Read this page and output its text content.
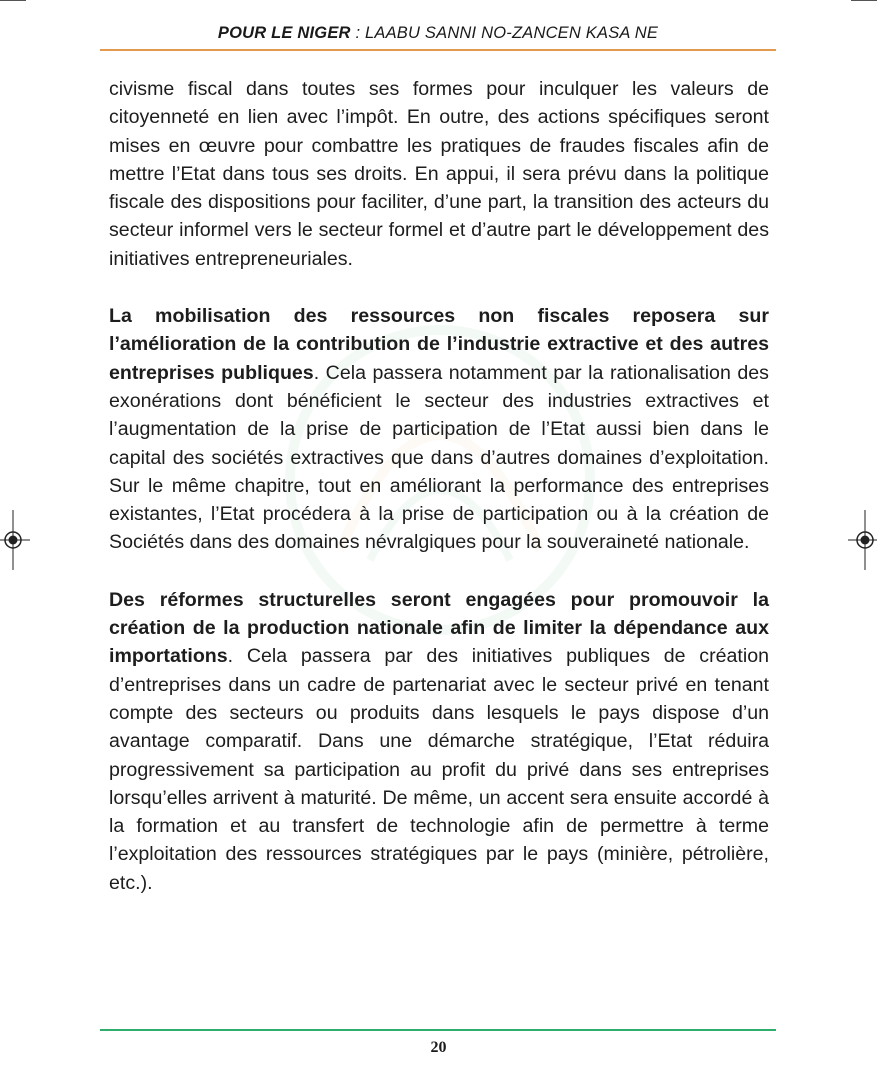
POUR LE NIGER : LAABU SANNI NO-ZANCEN KASA NE

civisme fiscal dans toutes ses formes pour inculquer les valeurs de citoyenneté en lien avec l’impôt. En outre, des actions spécifiques seront mises en œuvre pour combattre les pratiques de fraudes fiscales afin de mettre l’Etat dans tous ses droits. En appui, il sera prévu dans la politique fiscale des dispositions pour faciliter, d’une part, la transition des acteurs du secteur informel vers le secteur formel et d’autre part le développement des initiatives entrepreneuriales.

La mobilisation des ressources non fiscales reposera sur l’amélioration de la contribution de l’industrie extractive et des autres entreprises publiques. Cela passera notamment par la rationalisation des exonérations dont bénéficient le secteur des industries extractives et l’augmentation de la prise de participation de l’Etat aussi bien dans le capital des sociétés extractives que dans d’autres domaines d’exploitation. Sur le même chapitre, tout en améliorant la performance des entreprises existantes, l’Etat procédera à la prise de participation ou à la création de Sociétés dans des domaines névralgiques pour la souveraineté nationale.

Des réformes structurelles seront engagées pour promouvoir la création de la production nationale afin de limiter la dépendance aux importations. Cela passera par des initiatives publiques de création d’entreprises dans un cadre de partenariat avec le secteur privé en tenant compte des secteurs ou produits dans lesquels le pays dispose d’un avantage comparatif. Dans une démarche stratégique, l’Etat réduira progressivement sa participation au profit du privé dans ses entreprises lorsqu’elles arrivent à maturité. De même, un accent sera ensuite accordé à la formation et au transfert de technologie afin de permettre à terme l’exploitation des ressources stratégiques par le pays (minière, pétrolière, etc.).

20
